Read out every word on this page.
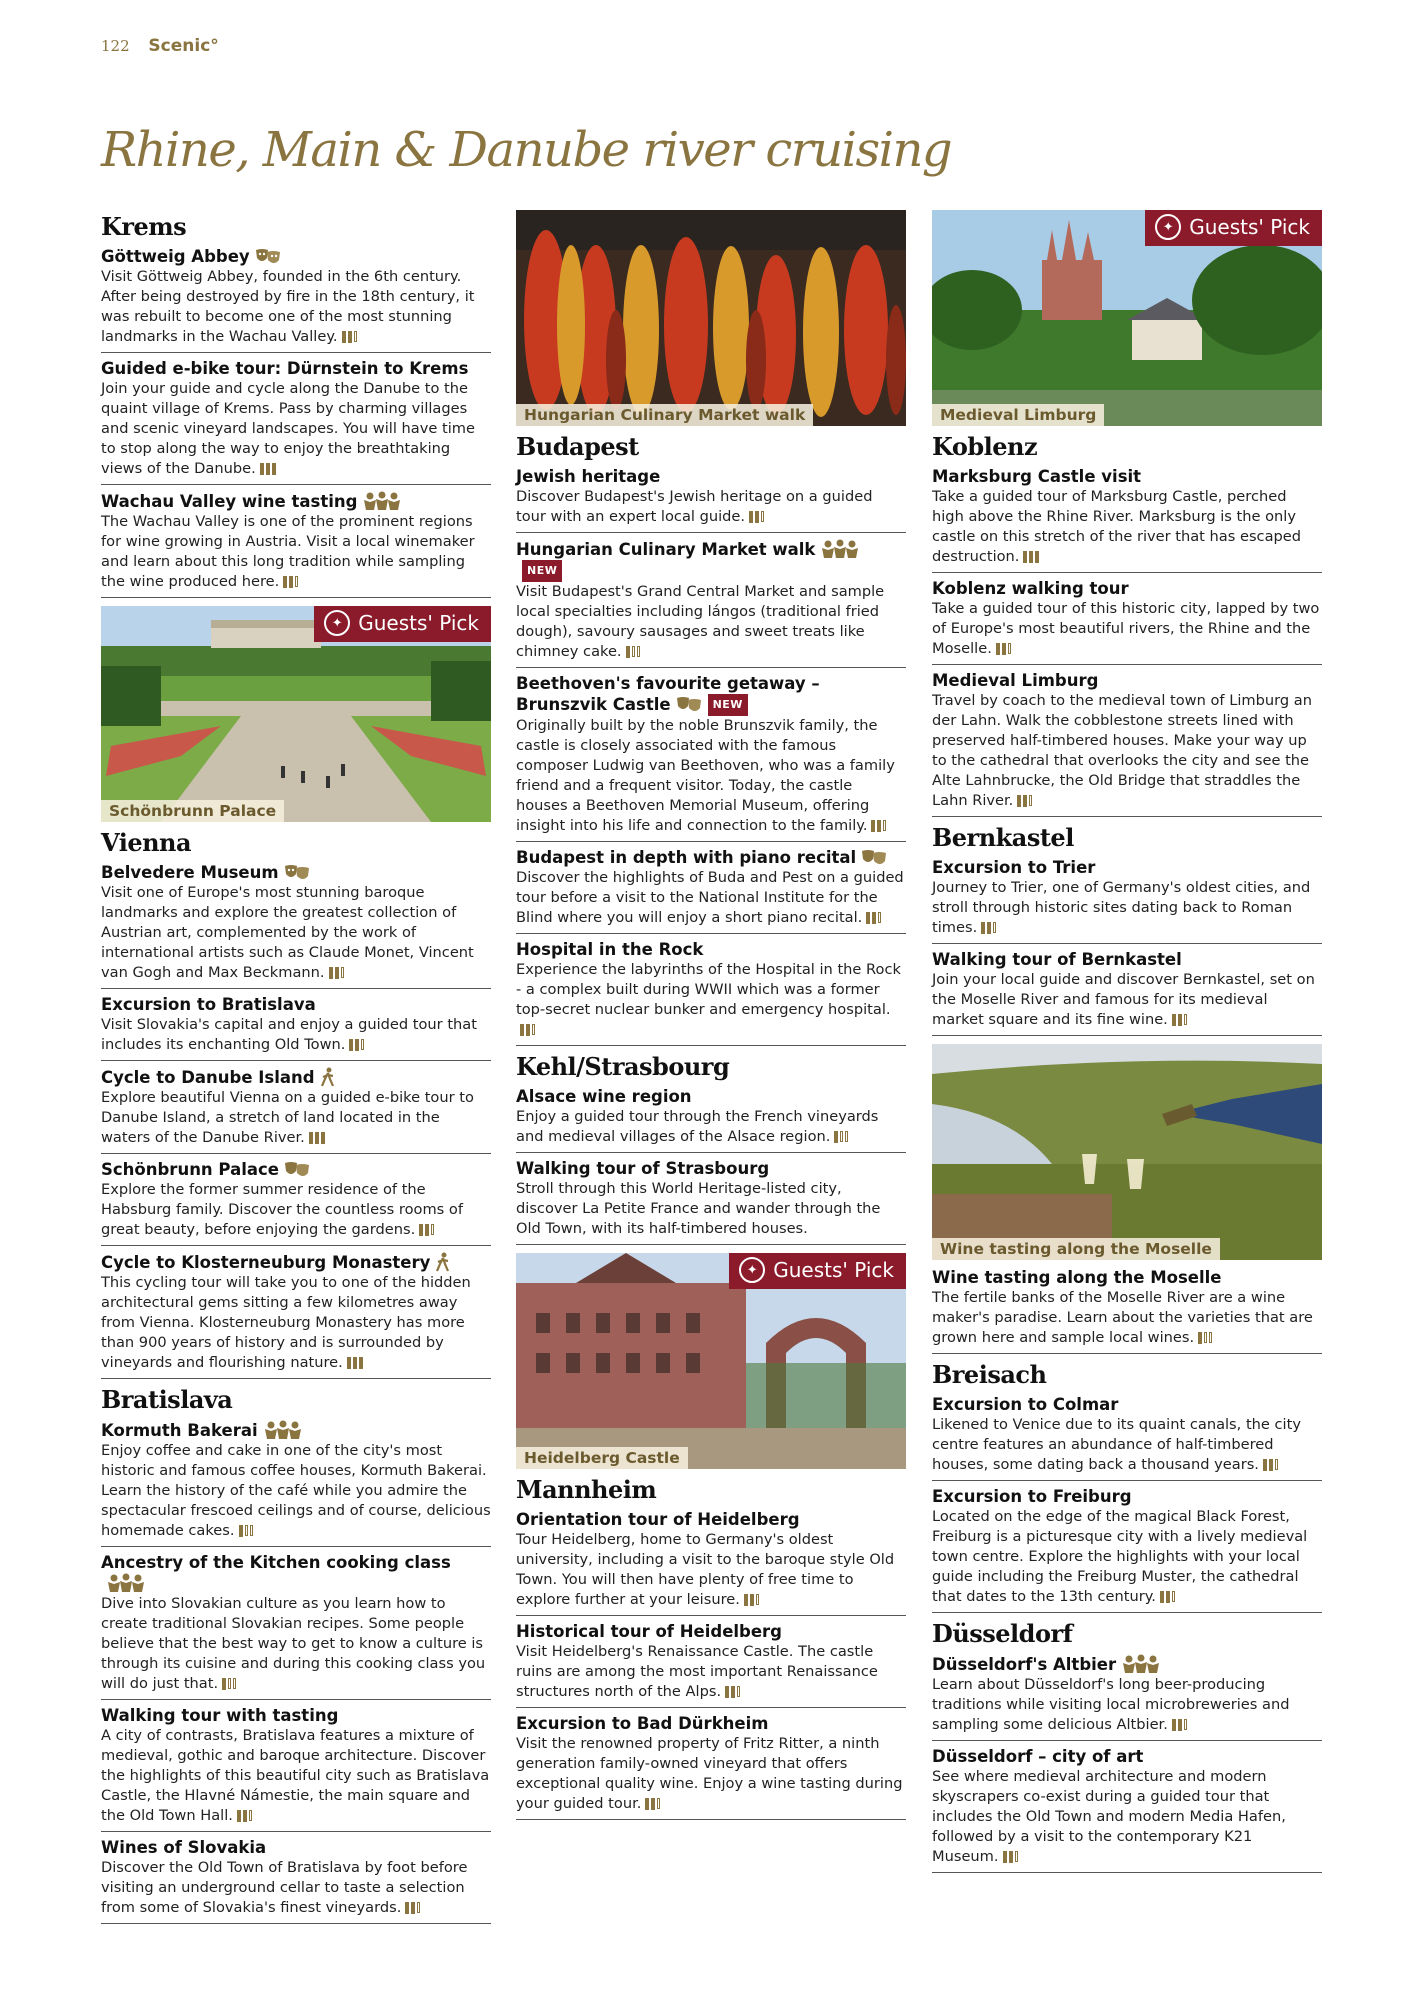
122 Scenic°
Rhine, Main & Danube river cruising
Krems
Göttweig Abbey

Visit Göttweig Abbey, founded in the 6th century. After being destroyed by fire in the 18th century, it was rebuilt to become one of the most stunning landmarks in the Wachau Valley.

Guided e-bike tour: Dürnstein to Krems

Join your guide and cycle along the Danube to the quaint village of Krems. Pass by charming villages and scenic vineyard landscapes. You will have time to stop along the way to enjoy the breathtaking views of the Danube.

Wachau Valley wine tasting

The Wachau Valley is one of the prominent regions for wine growing in Austria. Visit a local winemaker and learn about this long tradition while sampling the wine produced here.

✦ Guests' Pick
Schönbrunn Palace
Vienna
Belvedere Museum

Visit one of Europe's most stunning baroque landmarks and explore the greatest collection of Austrian art, complemented by the work of international artists such as Claude Monet, Vincent van Gogh and Max Beckmann.

Excursion to Bratislava

Visit Slovakia's capital and enjoy a guided tour that includes its enchanting Old Town.

Cycle to Danube Island

Explore beautiful Vienna on a guided e-bike tour to Danube Island, a stretch of land located in the waters of the Danube River.

Schönbrunn Palace

Explore the former summer residence of the Habsburg family. Discover the countless rooms of great beauty, before enjoying the gardens.

Cycle to Klosterneuburg Monastery

This cycling tour will take you to one of the hidden architectural gems sitting a few kilometres away from Vienna. Klosterneuburg Monastery has more than 900 years of history and is surrounded by vineyards and flourishing nature.

Bratislava
Kormuth Bakerai

Enjoy coffee and cake in one of the city's most historic and famous coffee houses, Kormuth Bakerai. Learn the history of the café while you admire the spectacular frescoed ceilings and of course, delicious homemade cakes.

Ancestry of the Kitchen cooking class

Dive into Slovakian culture as you learn how to create traditional Slovakian recipes. Some people believe that the best way to get to know a culture is through its cuisine and during this cooking class you will do just that.

Walking tour with tasting

A city of contrasts, Bratislava features a mixture of medieval, gothic and baroque architecture. Discover the highlights of this beautiful city such as Bratislava Castle, the Hlavné Námestie, the main square and the Old Town Hall.

Wines of Slovakia

Discover the Old Town of Bratislava by foot before visiting an underground cellar to taste a selection from some of Slovakia's finest vineyards.

Hungarian Culinary Market walk
Budapest
Jewish heritage

Discover Budapest's Jewish heritage on a guided tour with an expert local guide.

Hungarian Culinary Market walk
NEW

Visit Budapest's Grand Central Market and sample local specialties including lángos (traditional fried dough), savoury sausages and sweet treats like chimney cake.

Beethoven's favourite getaway – Brunszvik Castle	NEW

Originally built by the noble Brunszvik family, the castle is closely associated with the famous composer Ludwig van Beethoven, who was a family friend and a frequent visitor. Today, the castle houses a Beethoven Memorial Museum, offering insight into his life and connection to the family.

Budapest in depth with piano recital

Discover the highlights of Buda and Pest on a guided tour before a visit to the National Institute for the Blind where you will enjoy a short piano recital.

Hospital in the Rock

Experience the labyrinths of the Hospital in the Rock - a complex built during WWII which was a former top-secret nuclear bunker and emergency hospital.

Kehl/Strasbourg
Alsace wine region

Enjoy a guided tour through the French vineyards and medieval villages of the Alsace region.

Walking tour of Strasbourg

Stroll through this World Heritage-listed city, discover La Petite France and wander through the Old Town, with its half-timbered houses.

✦ Guests' Pick
Heidelberg Castle
Mannheim
Orientation tour of Heidelberg

Tour Heidelberg, home to Germany's oldest university, including a visit to the baroque style Old Town. You will then have plenty of free time to explore further at your leisure.

Historical tour of Heidelberg

Visit Heidelberg's Renaissance Castle. The castle ruins are among the most important Renaissance structures north of the Alps.

Excursion to Bad Dürkheim

Visit the renowned property of Fritz Ritter, a ninth generation family-owned vineyard that offers exceptional quality wine. Enjoy a wine tasting during your guided tour.

✦ Guests' Pick
Medieval Limburg
Koblenz
Marksburg Castle visit

Take a guided tour of Marksburg Castle, perched high above the Rhine River. Marksburg is the only castle on this stretch of the river that has escaped destruction.

Koblenz walking tour

Take a guided tour of this historic city, lapped by two of Europe's most beautiful rivers, the Rhine and the Moselle.

Medieval Limburg

Travel by coach to the medieval town of Limburg an der Lahn. Walk the cobblestone streets lined with preserved half-timbered houses. Make your way up to the cathedral that overlooks the city and see the Alte Lahnbrucke, the Old Bridge that straddles the Lahn River.

Bernkastel
Excursion to Trier

Journey to Trier, one of Germany's oldest cities, and stroll through historic sites dating back to Roman times.

Walking tour of Bernkastel

Join your local guide and discover Bernkastel, set on the Moselle River and famous for its medieval market square and its fine wine.

Wine tasting along the Moselle
Wine tasting along the Moselle

The fertile banks of the Moselle River are a wine maker's paradise. Learn about the varieties that are grown here and sample local wines.

Breisach
Excursion to Colmar

Likened to Venice due to its quaint canals, the city centre features an abundance of half-timbered houses, some dating back a thousand years.

Excursion to Freiburg

Located on the edge of the magical Black Forest, Freiburg is a picturesque city with a lively medieval town centre. Explore the highlights with your local guide including the Freiburg Muster, the cathedral that dates to the 13th century.

Düsseldorf
Düsseldorf's Altbier

Learn about Düsseldorf's long beer-producing traditions while visiting local microbreweries and sampling some delicious Altbier.

Düsseldorf – city of art

See where medieval architecture and modern skyscrapers co-exist during a guided tour that includes the Old Town and modern Media Hafen, followed by a visit to the contemporary K21 Museum.
